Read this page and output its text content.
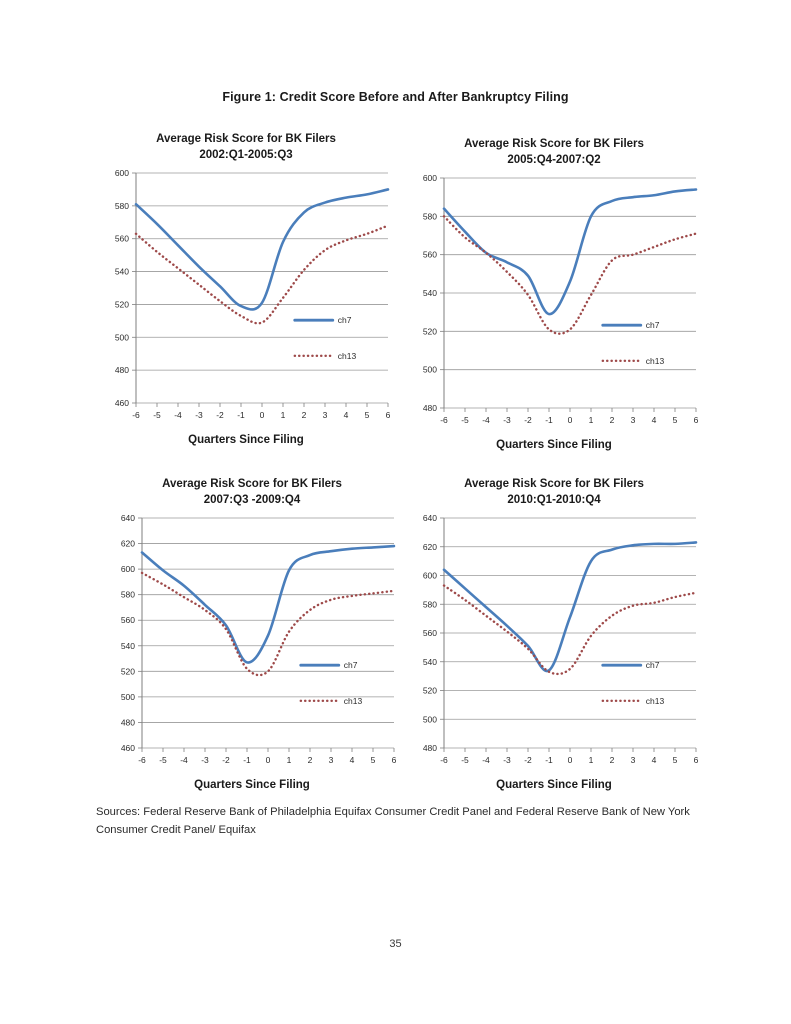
Figure 1: Credit Score Before and After Bankruptcy Filing
Average Risk Score for BK Filers
2002:Q1-2005:Q3
460
480
500
520
540
560
580
600
-6 -5 -4 -3 -2 -1 0 1 2 3 4 5 6
ch7
ch13
Quarters Since Filing
Average Risk Score for BK Filers
2005:Q4-2007:Q2
480
500
520
540
560
580
600
-6 -5 -4 -3 -2 -1 0 1 2 3 4 5 6
ch7
ch13
Quarters Since Filing
Average Risk Score for BK Filers
2007:Q3 -2009:Q4
460
480
500
520
540
560
580
600
620
640
-6 -5 -4 -3 -2 -1 0 1 2 3 4 5 6
ch7
ch13
Quarters Since Filing
Average Risk Score for BK Filers
2010:Q1-2010:Q4
480
500
520
540
560
580
600
620
640
-6 -5 -4 -3 -2 -1 0 1 2 3 4 5 6
ch7
ch13
Quarters Since Filing
Sources: Federal Reserve Bank of Philadelphia Equifax Consumer Credit Panel and Federal Reserve Bank of New York Consumer Credit Panel/ Equifax
35
